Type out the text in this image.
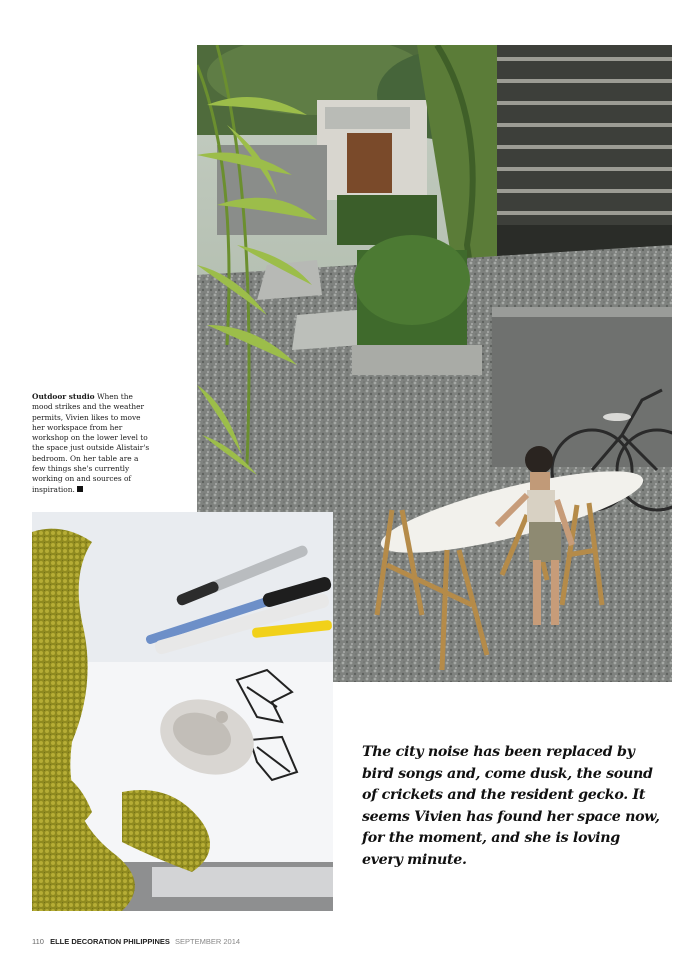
Outdoor studio When the mood strikes and the weather permits, Vivien likes to move her workspace from her workshop on the lower level to the space just outside Alistair's bedroom. On her table are a few things she's currently working on and sources of inspiration.
The city noise has been replaced by bird songs and, come dusk, the sound of crickets and the resident gecko. It seems Vivien has found her space now, for the moment, and she is loving every minute.
110 ELLE DECORATION PHILIPPINES SEPTEMBER 2014
